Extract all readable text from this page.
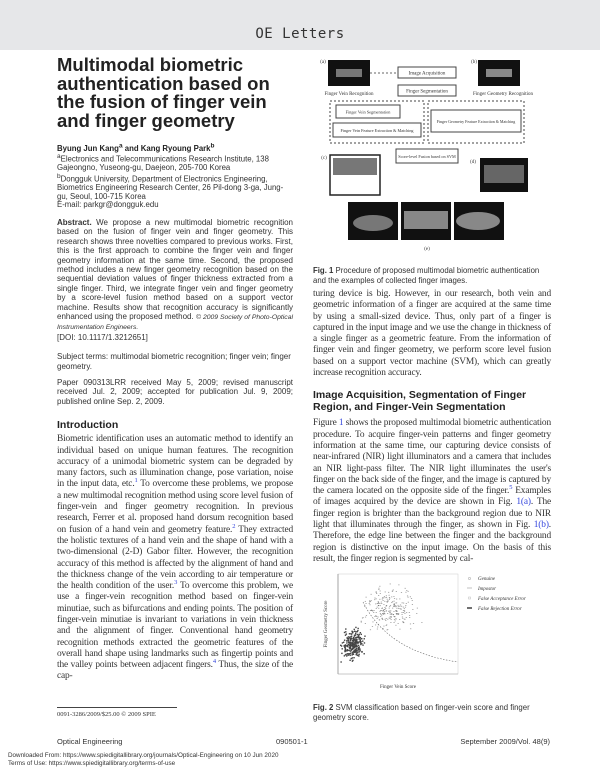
OE Letters
Multimodal biometric authentication based on the fusion of finger vein and finger geometry
Byung Jun Kang$^a$ and Kang Ryoung Park$^b$
$^a$Electronics and Telecommunications Research Institute, 138 Gajeongno, Yuseong-gu, Daejeon, 205-700 Korea
$^b$Dongguk University, Department of Electronics Engineering, Biometrics Engineering Research Center, 26 Pil-dong 3-ga, Jung-gu, Seoul, 100-715 Korea
E-mail: parkgr@dongguk.edu
Abstract. We propose a new multimodal biometric recognition based on the fusion of finger vein and finger geometry. This research shows three novelties compared to previous works. First, this is the first approach to combine the finger vein and finger geometry information at the same time. Second, the proposed method includes a new finger geometry recognition based on the sequential deviation values of finger thickness extracted from a single finger. Third, we integrate finger vein and finger geometry by a score-level fusion method based on a support vector machine. Results show that recognition accuracy is significantly enhanced using the proposed method. © 2009 Society of Photo-Optical Instrumentation Engineers.
[DOI: 10.1117/1.3212651]
Subject terms: multimodal biometric recognition; finger vein; finger geometry.
Paper 090313LRR received May 5, 2009; revised manuscript received Jul. 2, 2009; accepted for publication Jul. 9, 2009; published online Sep. 2, 2009.
Introduction
Biometric identification uses an automatic method to identify an individual based on unique human features. The recognition accuracy of a unimodal biometric system can be degraded by many factors, such as illumination change, pose variation, noise in the input data, etc.$^1$ To overcome these problems, we propose a new multimodal recognition method using score level fusion of finger-vein and finger geometry recognition. In previous research, Ferrer et al. proposed hand dorsum recognition based on fusion of a hand vein and geometry feature.$^2$ They extracted the holistic textures of a hand vein and the shape of hand with a two-dimensional (2-D) Gabor filter. However, the recognition accuracy of this method is affected by the alignment of hand and the thickness change of the vein according to air temperature or the health condition of the user.$^3$ To overcome this problem, we use a finger-vein recognition method based on finger-vein minutiae, such as bifurcations and ending points. The position of finger-vein minutiae is invariant to variations in vein thickness and the alignment of finger. Conventional hand geometry recognition methods extracted the geometric features of the overall hand shape using landmarks such as fingertip points and the valley points between adjacent fingers.$^4$ Thus, the size of the cap-
(a)	(b)
Finger Vein Recognition	Finger Geometry Recognition
Image Acquisition
Finger Segmentation
Finger Vein Segmentation
Finger Vein Feature Extraction & Matching
Finger Geometry Feature Extraction & Matching
Score-level Fusion based on SVM
(c)
(d)
(e)
Fig. 1 Procedure of proposed multimodal biometric authentication and the examples of collected finger images.
turing device is big. However, in our research, both vein and geometric information of a finger are acquired at the same time by using a small-sized device. Thus, only part of a finger is captured in the input image and we use the change in thickness of a single finger as a geometric feature. From the information of finger vein and finger geometry, we perform score level fusion based on a support vector machine (SVM), which can greatly increase recognition accuracy.
Image Acquisition, Segmentation of Finger Region, and Finger-Vein Segmentation
Figure 1 shows the proposed multimodal biometric authentication procedure. To acquire finger-vein patterns and finger geometry information at the same time, our capturing device consists of near-infrared (NIR) light illuminators and a camera that includes an NIR light-pass filter. The NIR light illuminates the user's finger on the back side of the finger, and the image is captured by the camera located on the opposite side of the finger.$^5$ Examples of images acquired by the device are shown in Fig. 1(a). The finger region is brighter than the background region due to NIR light that illuminates through the finger, as shown in Fig. 1(b). Therefore, the edge line between the finger and the background region is distinctive on the input image. On the basis of this result, the finger region is segmented by cal-
Finger Vein Score
Finger Geometry Score
Genuine
Impostor
False Acceptance Error
False Rejection Error
Fig. 2 SVM classification based on finger-vein score and finger geometry score.
0091-3286/2009/$25.00 © 2009 SPIE
Optical Engineering	090501-1	September 2009/Vol. 48(9)
Downloaded From: https://www.spiedigitallibrary.org/journals/Optical-Engineering on 10 Jun 2020
Terms of Use: https://www.spiedigitallibrary.org/terms-of-use
